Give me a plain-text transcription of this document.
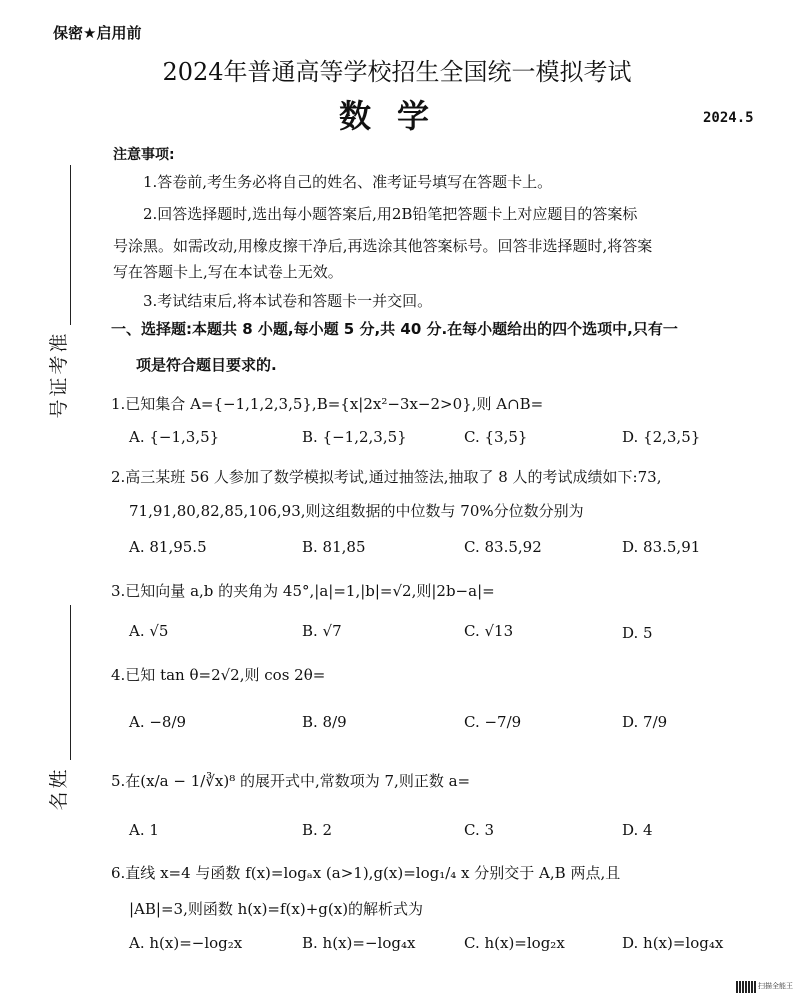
保密★启用前
2024年普通高等学校招生全国统一模拟考试
数学	2024.5
准
考
证
号
姓
名
注意事项:
1.答卷前,考生务必将自己的姓名、准考证号填写在答题卡上。
2.回答选择题时,选出每小题答案后,用2B铅笔把答题卡上对应题目的答案标
号涂黑。如需改动,用橡皮擦干净后,再选涂其他答案标号。回答非选择题时,将答案
写在答题卡上,写在本试卷上无效。
3.考试结束后,将本试卷和答题卡一并交回。
一、选择题:本题共 8 小题,每小题 5 分,共 40 分.在每小题给出的四个选项中,只有一
项是符合题目要求的.
1.已知集合 A={−1,1,2,3,5},B={x|2x²−3x−2>0},则 A∩B=
A. {−1,3,5}	B. {−1,2,3,5}	C. {3,5}	D. {2,3,5}
2.高三某班 56 人参加了数学模拟考试,通过抽签法,抽取了 8 人的考试成绩如下:73,
71,91,80,82,85,106,93,则这组数据的中位数与 70%分位数分别为
A. 81,95.5	B. 81,85	C. 83.5,92	D. 83.5,91
3.已知向量 a,b 的夹角为 45°,|a|=1,|b|=√2,则|2b−a|=
A. √5	B. √7	C. √13	D. 5
4.已知 tan θ=2√2,则 cos 2θ=
A. −8/9	B. 8/9	C. −7/9	D. 7/9
5.在(x/a − 1/∛x)⁸ 的展开式中,常数项为 7,则正数 a=
A. 1	B. 2	C. 3	D. 4
6.直线 x=4 与函数 f(x)=logₐx (a>1),g(x)=log₁/₄ x 分别交于 A,B 两点,且
|AB|=3,则函数 h(x)=f(x)+g(x)的解析式为
A. h(x)=−log₂x	B. h(x)=−log₄x	C. h(x)=log₂x	D. h(x)=log₄x
扫描全能王
